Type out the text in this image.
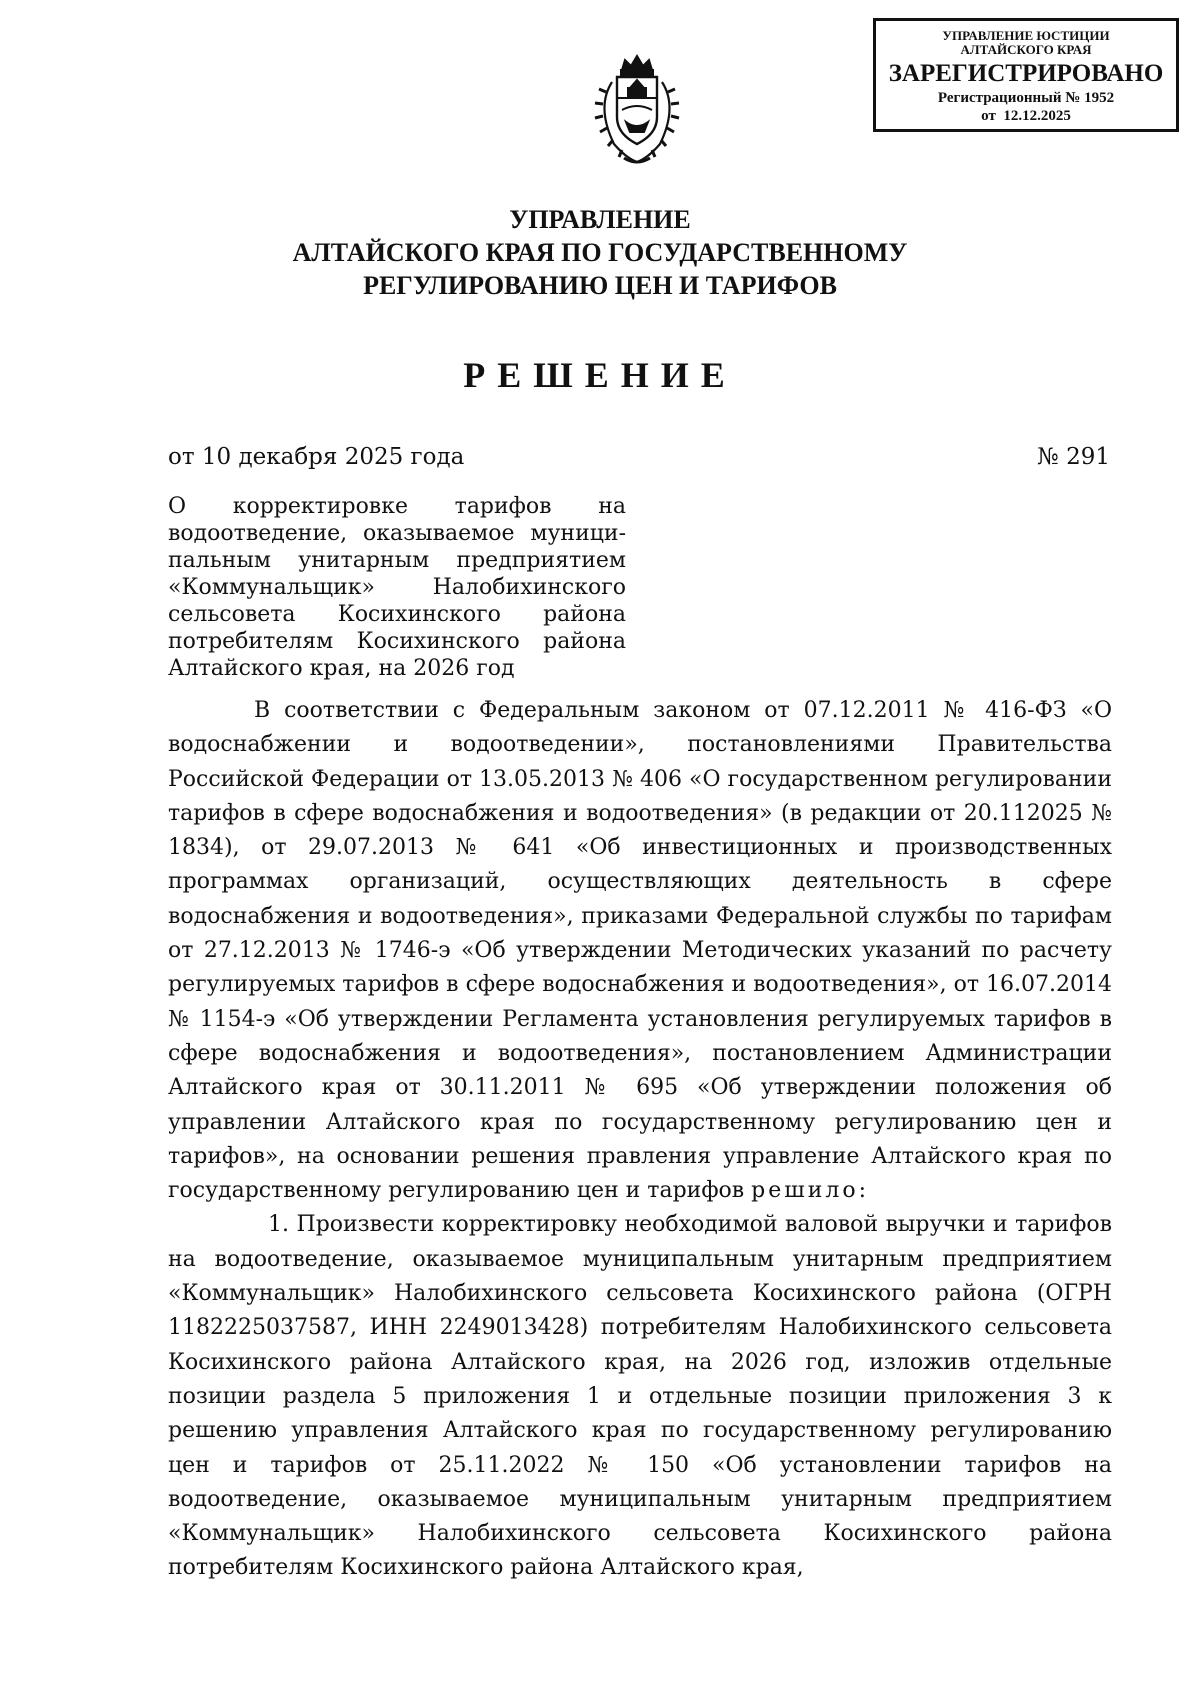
УПРАВЛЕНИЕ ЮСТИЦИИ
АЛТАЙСКОГО КРАЯ
ЗАРЕГИСТРИРОВАНО
Регистрационный № 1952
от 12.12.2025
УПРАВЛЕНИЕ
АЛТАЙСКОГО КРАЯ ПО ГОСУДАРСТВЕННОМУ
РЕГУЛИРОВАНИЮ ЦЕН И ТАРИФОВ
РЕШЕНИЕ
от 10 декабря 2025 года	№ 291
О корректировке тарифов на водоотведение, оказываемое муници-пальным унитарным предприятием «Коммунальщик» Налобихинского сельсовета Косихинского района потребителям Косихинского района Алтайского края, на 2026 год

В соответствии с Федеральным законом от 07.12.2011 № 416-ФЗ «О водоснабжении и водоотведении», постановлениями Правительства Российской Федерации от 13.05.2013 № 406 «О государственном регулировании тарифов в сфере водоснабжения и водоотведения» (в редакции от 20.112025 № 1834), от 29.07.2013 № 641 «Об инвестиционных и производственных программах организаций, осуществляющих деятельность в сфере водоснабжения и водоотведения», приказами Федеральной службы по тарифам от 27.12.2013 № 1746-э «Об утверждении Методических указаний по расчету регулируемых тарифов в сфере водоснабжения и водоотведения», от 16.07.2014 № 1154-э «Об утверждении Регламента установления регулируемых тарифов в сфере водоснабжения и водоотведения», постановлением Администрации Алтайского края от 30.11.2011 № 695 «Об утверждении положения об управлении Алтайского края по государственному регулированию цен и тарифов», на основании решения правления управление Алтайского края по государственному регулированию цен и тарифов решило:

1. Произвести корректировку необходимой валовой выручки и тарифов на водоотведение, оказываемое муниципальным унитарным предприятием «Коммунальщик» Налобихинского сельсовета Косихинского района (ОГРН 1182225037587, ИНН 2249013428) потребителям Налобихинского сельсовета Косихинского района Алтайского края, на 2026 год, изложив отдельные позиции раздела 5 приложения 1 и отдельные позиции приложения 3 к решению управления Алтайского края по государственному регулированию цен и тарифов от 25.11.2022 № 150 «Об установлении тарифов на водоотведение, оказываемое муниципальным унитарным предприятием «Коммунальщик» Налобихинского сельсовета Косихинского района потребителям Косихинского района Алтайского края,
